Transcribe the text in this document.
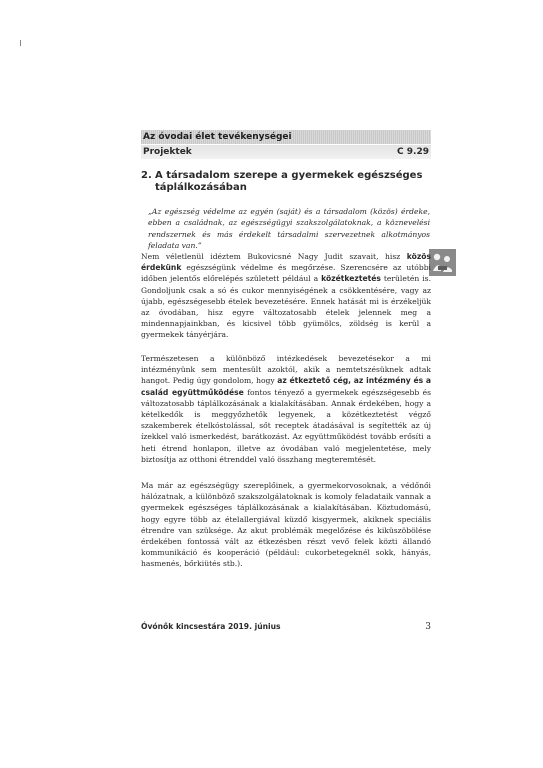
Az óvodai élet tevékenységei
Projektek	C 9.29
2. A társadalom szerepe a gyermekek egészséges
táplálkozásában
„Az egészség védelme az egyén (saját) és a társadalom (közös) érdeke, ebben a családnak, az egészségügyi szakszolgálatoknak, a köznevelési rendszernek és más érdekelt társadalmi szervezetnek alkotmányos feladata van.”
Nem véletlenül idéztem Bukovicsné Nagy Judit szavait, hisz közös érdekünk egészségünk védelme és megőrzése. Szerencsére az utóbbi időben jelentős előrelépés született például a közétkeztetés területén is. Gondoljunk csak a só és cukor mennyiségének a csökkentésére, vagy az újabb, egészségesebb ételek bevezetésére. Ennek hatását mi is érzékeljük az óvodában, hisz egyre változatosabb ételek jelennek meg a mindennapjainkban, és kicsivel több gyümölcs, zöldség is kerül a gyermekek tányérjára.
Természetesen a különböző intézkedések bevezetésekor a mi intézményünk sem mentesült azoktól, akik a nemtetszésüknek adtak hangot. Pedig úgy gondolom, hogy az étkeztető cég, az intézmény és a család együttműködése fontos tényező a gyermekek egészségesebb és változatosabb táplálkozásának a kialakításában. Annak érdekében, hogy a kételkedők is meggyőzhetők legyenek, a közétkeztetést végző szakemberek ételkóstolással, sőt receptek átadásával is segítették az új ízekkel való ismerkedést, barátkozást. Az együttműködést tovább erősíti a heti étrend honlapon, illetve az óvodában való megjelentetése, mely biztosítja az otthoni étrenddel való összhang megteremtését.
Ma már az egészségügy szereplőinek, a gyermekorvosoknak, a védőnői hálózatnak, a különböző szakszolgálatoknak is komoly feladataik vannak a gyermekek egészséges táplálkozásának a kialakításában. Köztudomású, hogy egyre több az ételallergiával küzdő kisgyermek, akiknek speciális étrendre van szüksége. Az akut problémák megelőzése és kiküszöbölése érdekében fontossá vált az étkezésben részt vevő felek közti állandó kommunikáció és kooperáció (például: cukorbetegeknél sokk, hányás, hasmenés, bőrkiütés stb.).
Óvónők kincsestára 2019. június	3
